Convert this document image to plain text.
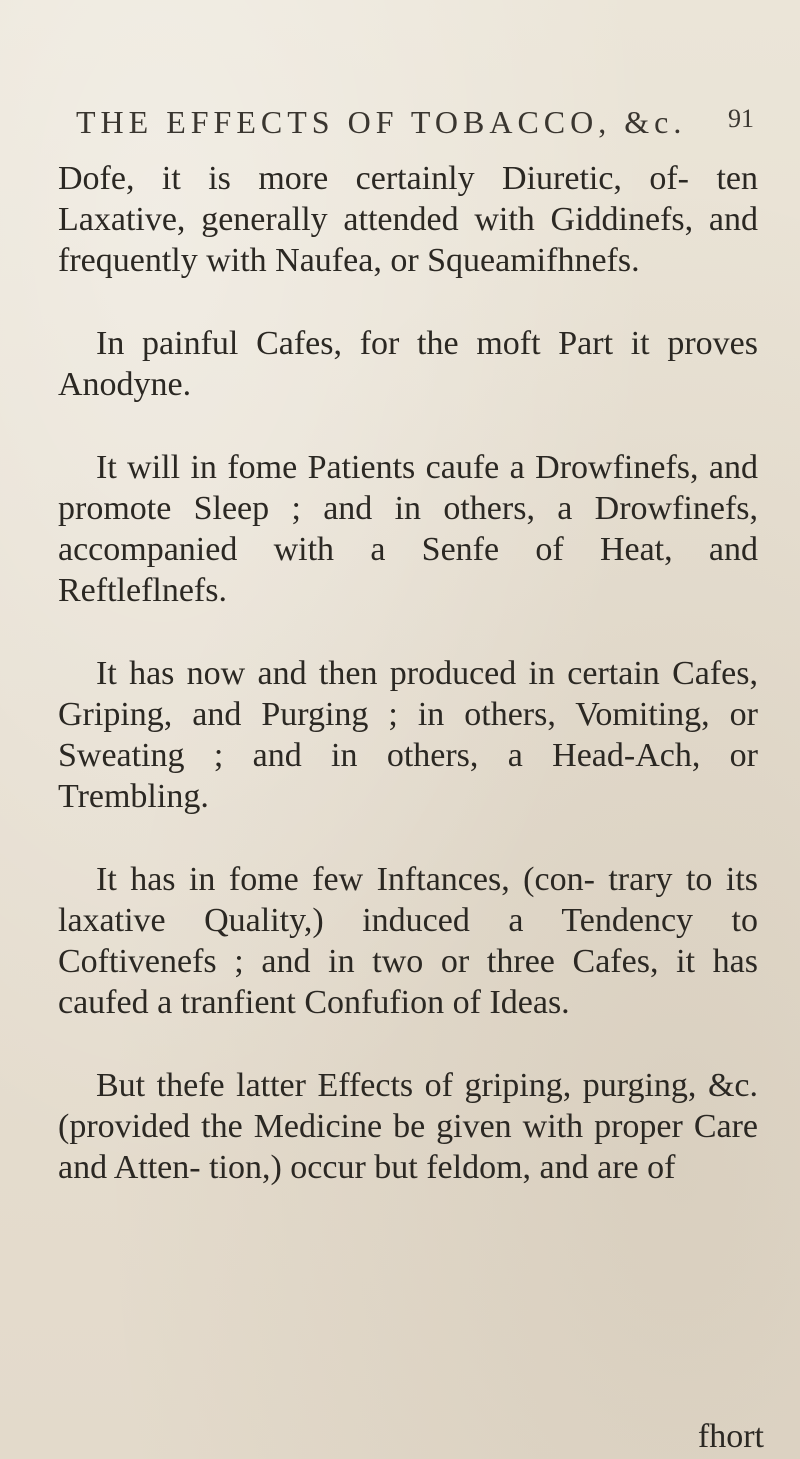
THE EFFECTS OF TOBACCO, &c. 91

Dofe, it is more certainly Diuretic, of- ten Laxative, generally attended with Giddinefs, and frequently with Naufea, or Squeamifhnefs.

In painful Cafes, for the moft Part it proves Anodyne.

It will in fome Patients caufe a Drowfinefs, and promote Sleep ; and in others, a Drowfinefs, accompanied with a Senfe of Heat, and Reftleflnefs.

It has now and then produced in certain Cafes, Griping, and Purging ; in others, Vomiting, or Sweating ; and in others, a Head-Ach, or Trembling.

It has in fome few Inftances, (con- trary to its laxative Quality,) induced a Tendency to Coftivenefs ; and in two or three Cafes, it has caufed a tranfient Confufion of Ideas.

But thefe latter Effects of griping, purging, &c. (provided the Medicine be given with proper Care and Atten- tion,) occur but feldom, and are of

fhort
